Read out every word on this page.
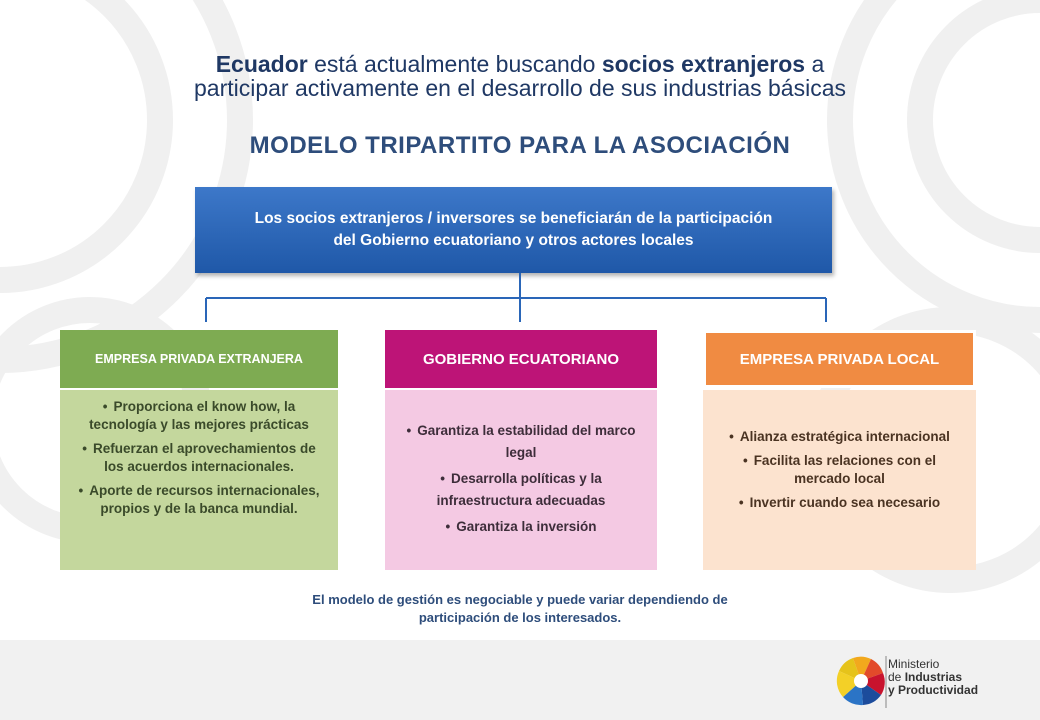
Ecuador está actualmente buscando socios extranjeros a
participar activamente en el desarrollo de sus industrias básicas
MODELO TRIPARTITO PARA LA ASOCIACIÓN
Los socios extranjeros / inversores se beneficiarán de la participación
del Gobierno ecuatoriano y otros actores locales
EMPRESA PRIVADA EXTRANJERA
• Proporciona el know how, la tecnología y las mejores prácticas
• Refuerzan el aprovechamientos de los acuerdos internacionales.
• Aporte de recursos internacionales, propios y de la banca mundial.
GOBIERNO ECUATORIANO
• Garantiza la estabilidad del marco legal
• Desarrolla políticas y la infraestructura adecuadas
• Garantiza la inversión
EMPRESA PRIVADA LOCAL
• Alianza estratégica internacional
• Facilita las relaciones con el mercado local
• Invertir cuando sea necesario
El modelo de gestión es negociable y puede variar dependiendo de
participación de los interesados.
Ministerio
de Industrias
y Productividad
